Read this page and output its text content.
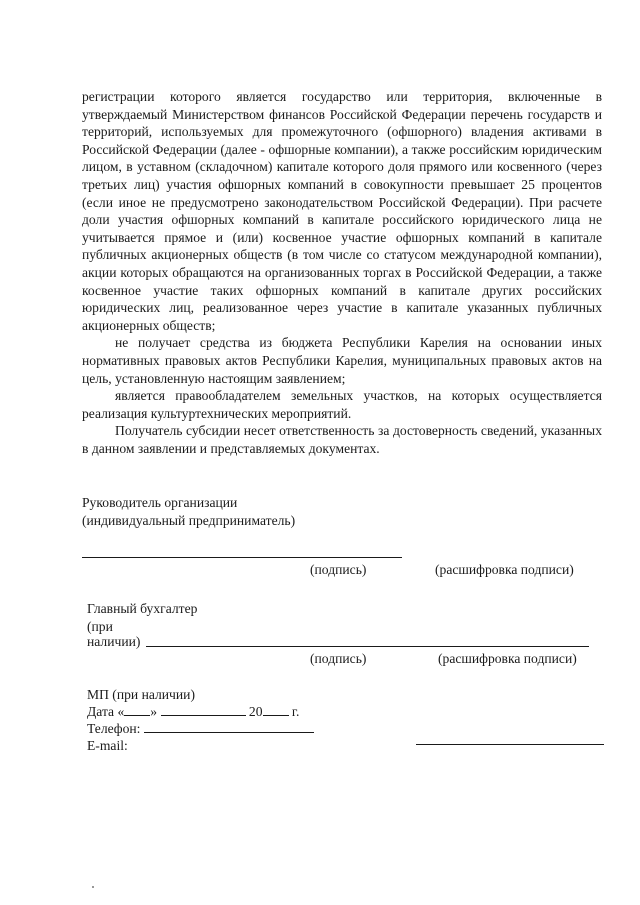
регистрации которого является государство или территория, включенные в утверждаемый Министерством финансов Российской Федерации перечень государств и территорий, используемых для промежуточного (офшорного) владения активами в Российской Федерации (далее - офшорные компании), а также российским юридическим лицом, в уставном (складочном) капитале которого доля прямого или косвенного (через третьих лиц) участия офшорных компаний в совокупности превышает 25 процентов (если иное не предусмотрено законодательством Российской Федерации). При расчете доли участия офшорных компаний в капитале российского юридического лица не учитывается прямое и (или) косвенное участие офшорных компаний в капитале публичных акционерных обществ (в том числе со статусом международной компании), акции которых обращаются на организованных торгах в Российской Федерации, а также косвенное участие таких офшорных компаний в капитале других российских юридических лиц, реализованное через участие в капитале указанных публичных акционерных обществ;

не получает средства из бюджета Республики Карелия на основании иных нормативных правовых актов Республики Карелия, муниципальных правовых актов на цель, установленную настоящим заявлением;

является правообладателем земельных участков, на которых осуществляется реализация культуртехнических мероприятий.

Получатель субсидии несет ответственность за достоверность сведений, указанных в данном заявлении и представляемых документах.

Руководитель организации
(индивидуальный предприниматель)
(подпись)	(расшифровка подписи)
Главный бухгалтер
(при
наличии)
(подпись)	(расшифровка подписи)
МП (при наличии)
Дата « »	20 г.
Телефон:
E-mail:
